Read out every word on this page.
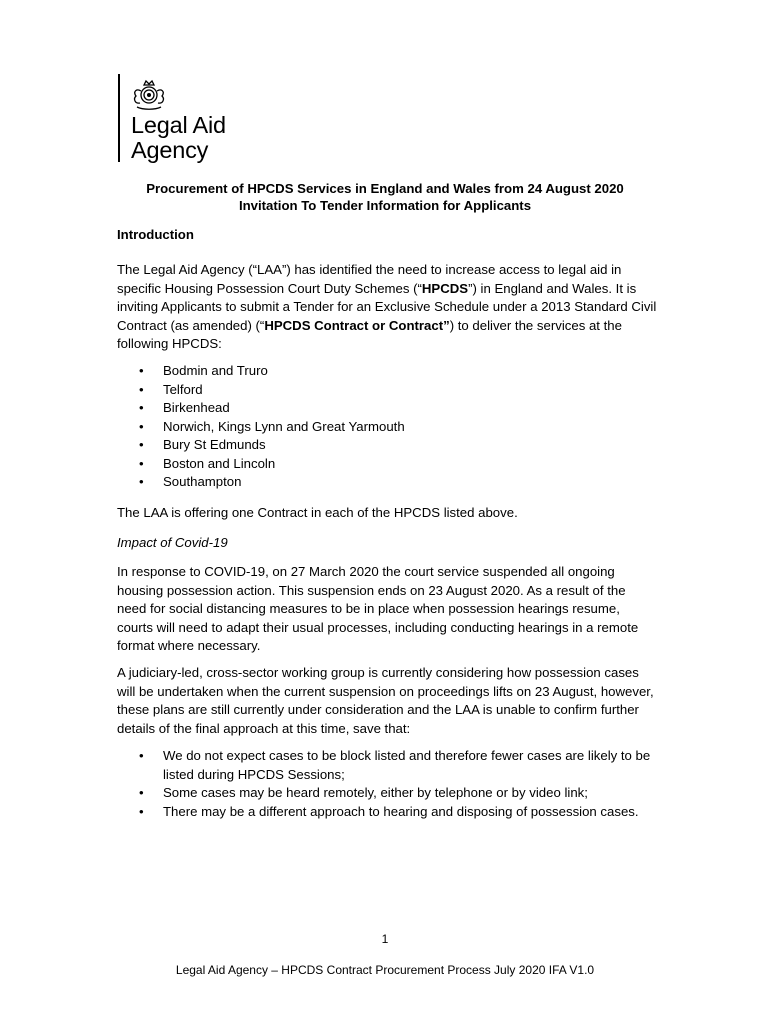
Legal Aid
Agency
Procurement of HPCDS Services in England and Wales from 24 August 2020
Invitation To Tender Information for Applicants
Introduction
The Legal Aid Agency (“LAA”) has identified the need to increase access to legal aid in specific Housing Possession Court Duty Schemes (“HPCDS”) in England and Wales. It is inviting Applicants to submit a Tender for an Exclusive Schedule under a 2013 Standard Civil Contract (as amended) (“HPCDS Contract or Contract”) to deliver the services at the following HPCDS:
• Bodmin and Truro
• Telford
• Birkenhead
• Norwich, Kings Lynn and Great Yarmouth
• Bury St Edmunds
• Boston and Lincoln
• Southampton
The LAA is offering one Contract in each of the HPCDS listed above.
Impact of Covid-19
In response to COVID-19, on 27 March 2020 the court service suspended all ongoing housing possession action. This suspension ends on 23 August 2020. As a result of the need for social distancing measures to be in place when possession hearings resume, courts will need to adapt their usual processes, including conducting hearings in a remote format where necessary.
A judiciary-led, cross-sector working group is currently considering how possession cases will be undertaken when the current suspension on proceedings lifts on 23 August, however, these plans are still currently under consideration and the LAA is unable to confirm further details of the final approach at this time, save that:
• We do not expect cases to be block listed and therefore fewer cases are likely to be listed during HPCDS Sessions;
• Some cases may be heard remotely, either by telephone or by video link;
• There may be a different approach to hearing and disposing of possession cases.
1
Legal Aid Agency – HPCDS Contract Procurement Process July 2020 IFA V1.0
